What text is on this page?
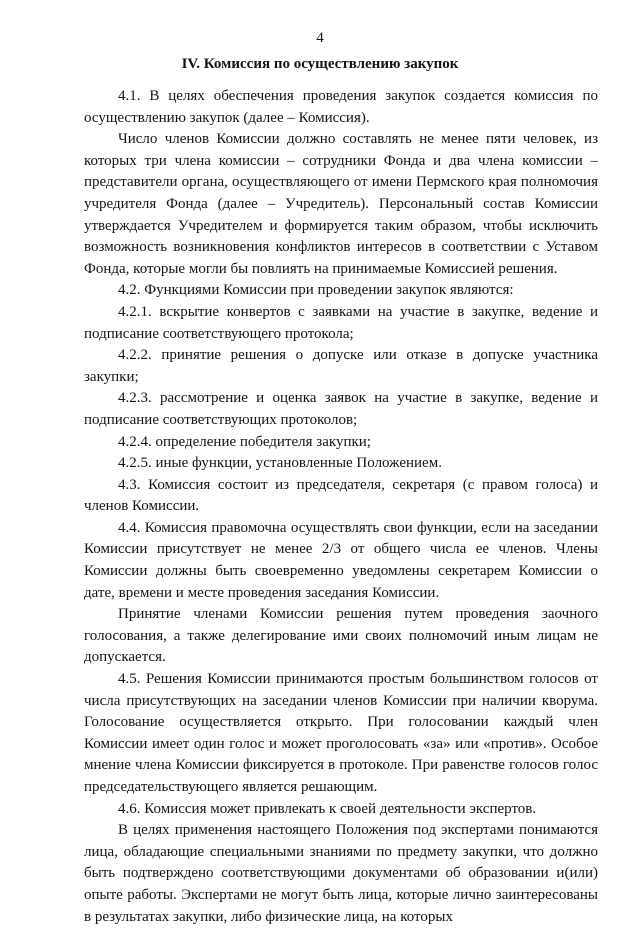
4
IV. Комиссия по осуществлению закупок

4.1. В целях обеспечения проведения закупок создается комиссия по осуществлению закупок (далее – Комиссия).

Число членов Комиссии должно составлять не менее пяти человек, из которых три члена комиссии – сотрудники Фонда и два члена комиссии – представители органа, осуществляющего от имени Пермского края полномочия учредителя Фонда (далее – Учредитель). Персональный состав Комиссии утверждается Учредителем и формируется таким образом, чтобы исключить возможность возникновения конфликтов интересов в соответствии с Уставом Фонда, которые могли бы повлиять на принимаемые Комиссией решения.

4.2. Функциями Комиссии при проведении закупок являются:

4.2.1. вскрытие конвертов с заявками на участие в закупке, ведение и подписание соответствующего протокола;

4.2.2. принятие решения о допуске или отказе в допуске участника закупки;

4.2.3. рассмотрение и оценка заявок на участие в закупке, ведение и подписание соответствующих протоколов;

4.2.4. определение победителя закупки;

4.2.5. иные функции, установленные Положением.

4.3. Комиссия состоит из председателя, секретаря (с правом голоса) и членов Комиссии.

4.4. Комиссия правомочна осуществлять свои функции, если на заседании Комиссии присутствует не менее 2/3 от общего числа ее членов. Члены Комиссии должны быть своевременно уведомлены секретарем Комиссии о дате, времени и месте проведения заседания Комиссии.

Принятие членами Комиссии решения путем проведения заочного голосования, а также делегирование ими своих полномочий иным лицам не допускается.

4.5. Решения Комиссии принимаются простым большинством голосов от числа присутствующих на заседании членов Комиссии при наличии кворума. Голосование осуществляется открыто. При голосовании каждый член Комиссии имеет один голос и может проголосовать «за» или «против». Особое мнение члена Комиссии фиксируется в протоколе. При равенстве голосов голос председательствующего является решающим.

4.6. Комиссия может привлекать к своей деятельности экспертов.

В целях применения настоящего Положения под экспертами понимаются лица, обладающие специальными знаниями по предмету закупки, что должно быть подтверждено соответствующими документами об образовании и(или) опыте работы. Экспертами не могут быть лица, которые лично заинтересованы в результатах закупки, либо физические лица, на которых
